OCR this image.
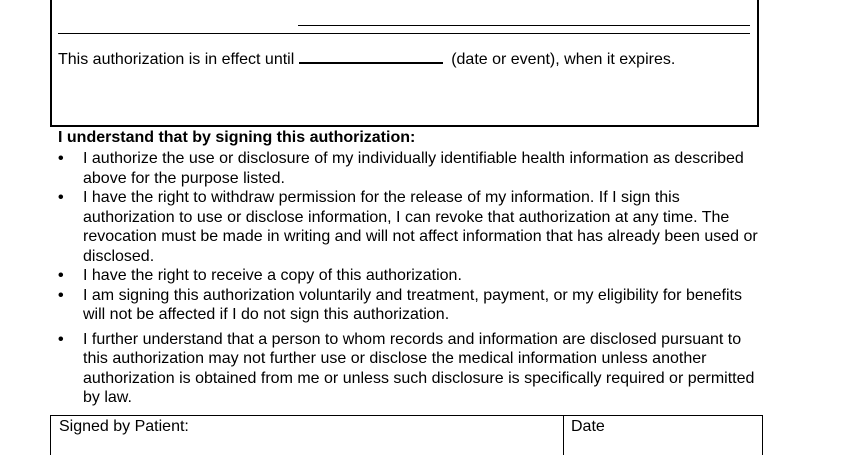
This authorization is in effect until	(date or event), when it expires.
I understand that by signing this authorization:
• I authorize the use or disclosure of my individually identifiable health information as described above for the purpose listed.
• I have the right to withdraw permission for the release of my information. If I sign this authorization to use or disclose information, I can revoke that authorization at any time. The revocation must be made in writing and will not affect information that has already been used or disclosed.
• I have the right to receive a copy of this authorization.
• I am signing this authorization voluntarily and treatment, payment, or my eligibility for benefits will not be affected if I do not sign this authorization.
• I further understand that a person to whom records and information are disclosed pursuant to this authorization may not further use or disclose the medical information unless another authorization is obtained from me or unless such disclosure is specifically required or permitted by law.
Signed by Patient:	Date
